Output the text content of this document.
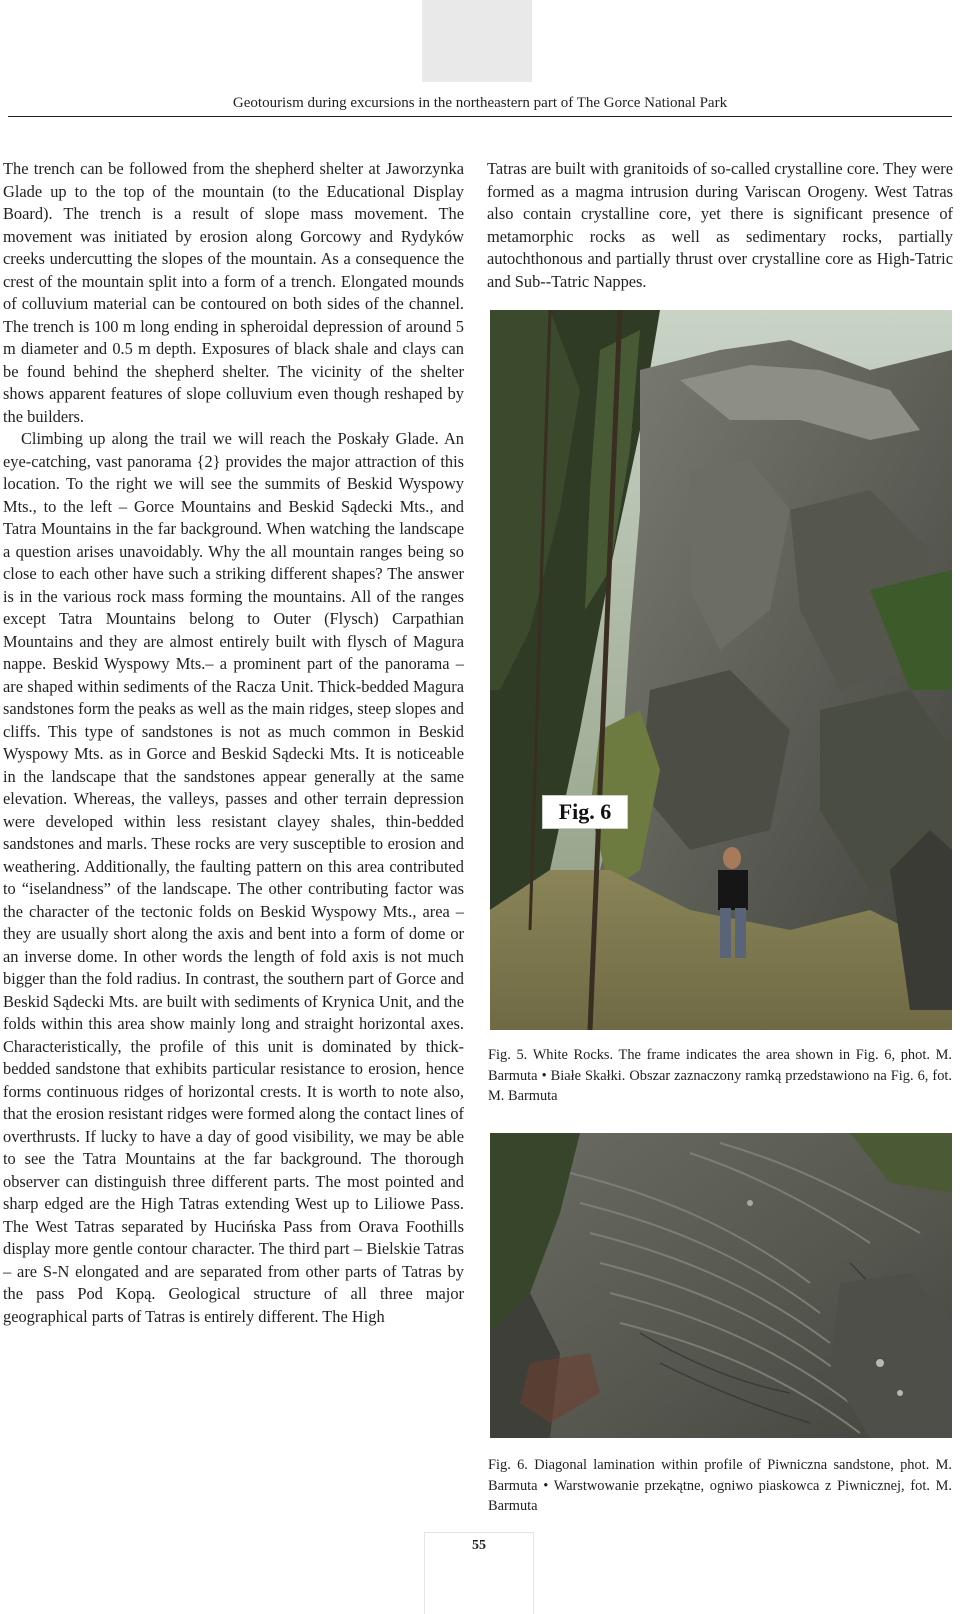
Geotourism during excursions in the northeastern part of The Gorce National Park

The trench can be followed from the shepherd shelter at Jaworzynka Glade up to the top of the mountain (to the Educational Display Board). The trench is a result of slope mass movement. The movement was initiated by erosion along Gorcowy and Rydyków creeks undercutting the slopes of the mountain. As a consequence the crest of the mountain split into a form of a trench. Elongated mounds of colluvium material can be contoured on both sides of the channel. The trench is 100 m long ending in spheroidal depression of around 5 m diameter and 0.5 m depth. Exposures of black shale and clays can be found behind the shepherd shelter. The vicinity of the shelter shows apparent features of slope colluvium even though reshaped by the builders.

Climbing up along the trail we will reach the Poskały Glade. An eye-catching, vast panorama {2} provides the major attraction of this location. To the right we will see the summits of Beskid Wyspowy Mts., to the left – Gorce Mountains and Beskid Sądecki Mts., and Tatra Mountains in the far background. When watching the landscape a question arises unavoidably. Why the all mountain ranges being so close to each other have such a striking different shapes? The answer is in the various rock mass forming the mountains. All of the ranges except Tatra Mountains belong to Outer (Flysch) Carpathian Mountains and they are almost entirely built with flysch of Magura nappe. Beskid Wyspowy Mts.– a prominent part of the panorama – are shaped within sediments of the Racza Unit. Thick-bedded Magura sandstones form the peaks as well as the main ridges, steep slopes and cliffs. This type of sandstones is not as much common in Beskid Wyspowy Mts. as in Gorce and Beskid Sądecki Mts. It is noticeable in the landscape that the sandstones appear generally at the same elevation. Whereas, the valleys, passes and other terrain depression were developed within less resistant clayey shales, thin-bedded sandstones and marls. These rocks are very susceptible to erosion and weathering. Additionally, the faulting pattern on this area contributed to “iselandness” of the landscape. The other contributing factor was the character of the tectonic folds on Beskid Wyspowy Mts., area – they are usually short along the axis and bent into a form of dome or an inverse dome. In other words the length of fold axis is not much bigger than the fold radius. In contrast, the southern part of Gorce and Beskid Sądecki Mts. are built with sediments of Krynica Unit, and the folds within this area show mainly long and straight horizontal axes. Characteristically, the profile of this unit is dominated by thick-bedded sandstone that exhibits particular resistance to erosion, hence forms continuous ridges of horizontal crests. It is worth to note also, that the erosion resistant ridges were formed along the contact lines of overthrusts. If lucky to have a day of good visibility, we may be able to see the Tatra Mountains at the far background. The thorough observer can distinguish three different parts. The most pointed and sharp edged are the High Tatras extending West up to Liliowe Pass. The West Tatras separated by Hucińska Pass from Orava Foothills display more gentle contour character. The third part – Bielskie Tatras – are S-N elongated and are separated from other parts of Tatras by the pass Pod Kopą. Geological structure of all three major geographical parts of Tatras is entirely different. The High

Tatras are built with granitoids of so-called crystalline core. They were formed as a magma intrusion during Variscan Orogeny. West Tatras also contain crystalline core, yet there is significant presence of metamorphic rocks as well as sedimentary rocks, partially autochthonous and partially thrust over crystalline core as High-Tatric and Sub--Tatric Nappes.

Fig. 6
Fig. 5. White Rocks. The frame indicates the area shown in Fig. 6, phot. M. Barmuta • Białe Skałki. Obszar zaznaczony ramką przedstawiono na Fig. 6, fot. M. Barmuta
Fig. 6. Diagonal lamination within profile of Piwniczna sandstone, phot. M. Barmuta • Warstwowanie przekątne, ogniwo piaskowca z Piwnicznej, fot. M. Barmuta
55
